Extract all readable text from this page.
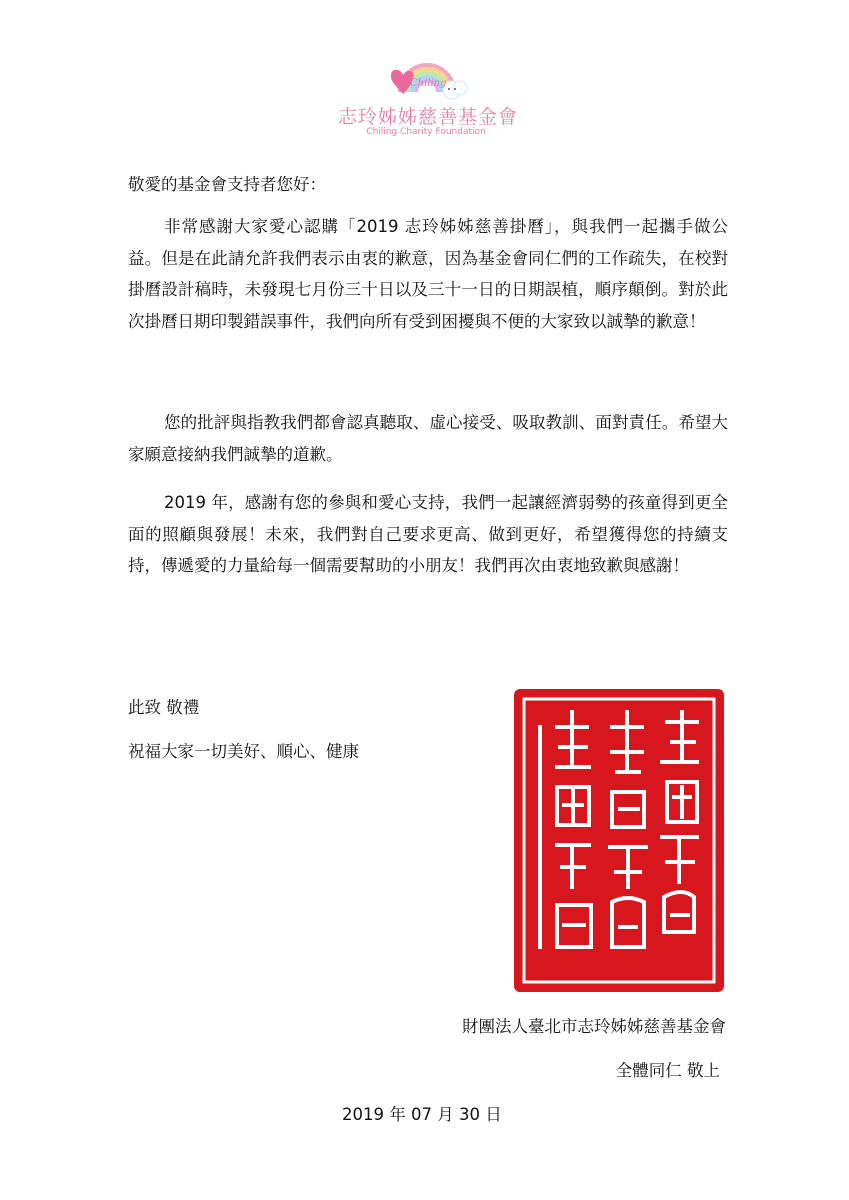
Chiling
志玲姊姊慈善基金會
Chiling Charity Foundation
敬愛的基金會支持者您好：
非常感謝大家愛心認購「2019 志玲姊姊慈善掛曆」，與我們一起攜手做公益。但是在此請允許我們表示由衷的歉意，因為基金會同仁們的工作疏失，在校對掛曆設計稿時，未發現七月份三十日以及三十一日的日期誤植，順序顛倒。對於此次掛曆日期印製錯誤事件，我們向所有受到困擾與不便的大家致以誠摯的歉意！
您的批評與指教我們都會認真聽取、虛心接受、吸取教訓、面對責任。希望大家願意接納我們誠摯的道歉。
2019 年，感謝有您的參與和愛心支持，我們一起讓經濟弱勢的孩童得到更全面的照顧與發展！未來，我們對自己要求更高、做到更好，希望獲得您的持續支持，傳遞愛的力量給每一個需要幫助的小朋友！我們再次由衷地致歉與感謝！
此致 敬禮
祝福大家一切美好、順心、健康
財團法人臺北市志玲姊姊慈善基金會
全體同仁 敬上
2019 年 07 月 30 日
